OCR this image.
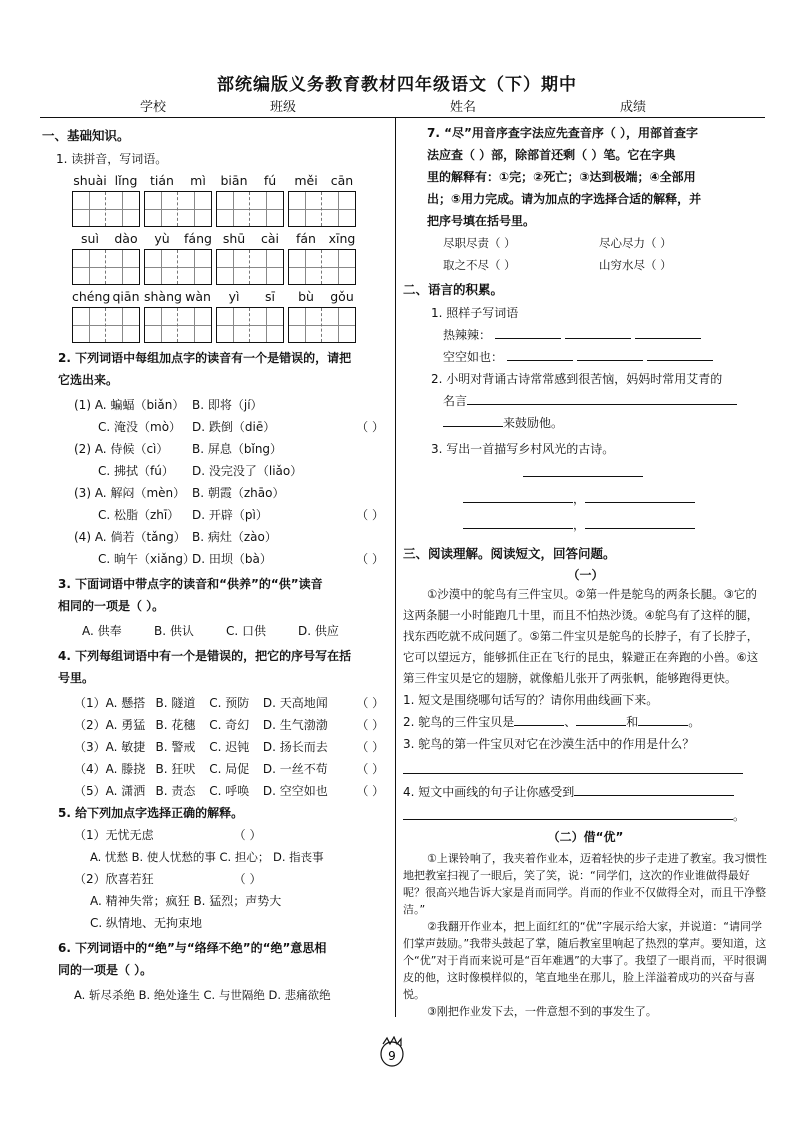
部统编版义务教育教材四年级语文（下）期中
学校	班级	姓名	成绩
一、基础知识。
1. 读拼音，写词语。
shuài lǐng	tián	mì	biān	fú	měi	cān
suì	dào	yù	fáng shū	cài	fán	xīng
chéng qiān shàng wàn	yì	sī	bù	gǒu
2. 下列词语中每组加点字的读音有一个是错误的，请把
它选出来。
(1) A. 蝙蝠（biǎn） B. 即将（jí）
C. 淹没（mò） D. 跌倒（diē）	（ ）
(2) A. 侍候（cì）	B. 屏息（bǐng）
C. 拂拭（fú）	D. 没完没了（liǎo）
(3) A. 解闷（mèn） B. 朝霞（zhāo）
C. 松脂（zhī）	D. 开辟（pì）	（ ）
(4) A. 倘若（tǎng） B. 病灶（zào）
C. 晌午（xiǎng）
D. 田坝（bà）	（ ）
3. 下面词语中带点字的读音和“供养”的“供”读音
相同的一项是（ ）。
A. 供奉	B. 供认	C. 口供	D. 供应
4. 下列每组词语中有一个是错误的，把它的序号写在括
号里。
（1）A. 懸搭 B. 隧道	C. 预防	D. 天高地闻	（ ）
（2）A. 勇猛 B. 花穗	C. 奇幻	D. 生气渤渤	（ ）
（3）A. 敏捷 B. 警戒	C. 迟钝	D. 扬长而去	（ ）
（4）A. 滕挠 B. 狂吠	C. 局促	D. 一丝不苟	（ ）
（5）A. 潇洒 B. 责态	C. 呼唤	D. 空空如也	（ ）
5. 给下列加点字选择正确的解释。
（1）无忧无虑	（ ）
A. 忧愁 B. 使人忧愁的事 C. 担心； D. 指丧事
（2）欣喜若狂	（ ）
A. 精神失常；疯狂 B. 猛烈；声势大
C. 纵情地、无拘束地
6. 下列词语中的“绝”与“络绎不绝”的“绝”意思相
同的一项是（ ）。
A. 斩尽杀绝 B. 绝处逢生 C. 与世隔绝 D. 悲痛欲绝
7. “尽”用音序查字法应先查音序（ ），用部首查字
法应查（ ）部，除部首还剩（ ）笔。它在字典
里的解释有：①完；②死亡；③达到极端；④全部用
出；⑤用力完成。请为加点的字选择合适的解释，并
把序号填在括号里。
尽职尽责（ ）	尽心尽力（ ）
取之不尽（ ）	山穷水尽（ ）
二、语言的积累。
1. 照样子写词语
热辣辣：
空空如也：
2. 小明对背诵古诗常常感到很苦恼，妈妈时常用艾青的
名言
来鼓励他。
3. 写出一首描写乡村风光的古诗。
，
，
三、阅读理解。阅读短文，回答问题。
（一）

①沙漠中的鸵鸟有三件宝贝。②第一件是鸵鸟的两条长腿。③它的这两条腿一小时能跑几十里，而且不怕热沙烫。④鸵鸟有了这样的腿，找东西吃就不成问题了。⑤第二件宝贝是鸵鸟的长脖子，有了长脖子，它可以望远方，能够抓住正在飞行的昆虫，躲避正在奔跑的小兽。⑥这第三件宝贝是它的翅膀，就像船儿张开了两张帆，能够跑得更快。

1. 短文是围绕哪句话写的？请你用曲线画下来。
2. 鸵鸟的三件宝贝是	、	和	。
3. 鸵鸟的第一件宝贝对它在沙漠生活中的作用是什么？
4. 短文中画线的句子让你感受到
。
（二）借“优”

①上课铃响了，我夹着作业本，迈着轻快的步子走进了教室。我习惯性地把教室扫视了一眼后，笑了笑，说：“同学们，这次的作业谁做得最好呢？很高兴地告诉大家是肖而同学。肖而的作业不仅做得全对，而且干净整洁。”

②我翻开作业本，把上面红红的“优”字展示给大家，并说道：“请同学们掌声鼓励。”我带头鼓起了掌，随后教室里响起了热烈的掌声。要知道，这个“优”对于肖而来说可是“百年难遇”的大事了。我望了一眼肖而，平时很调皮的他，这时像模样似的，笔直地坐在那儿，脸上洋溢着成功的兴奋与喜悦。

③刚把作业发下去，一件意想不到的事发生了。

9
